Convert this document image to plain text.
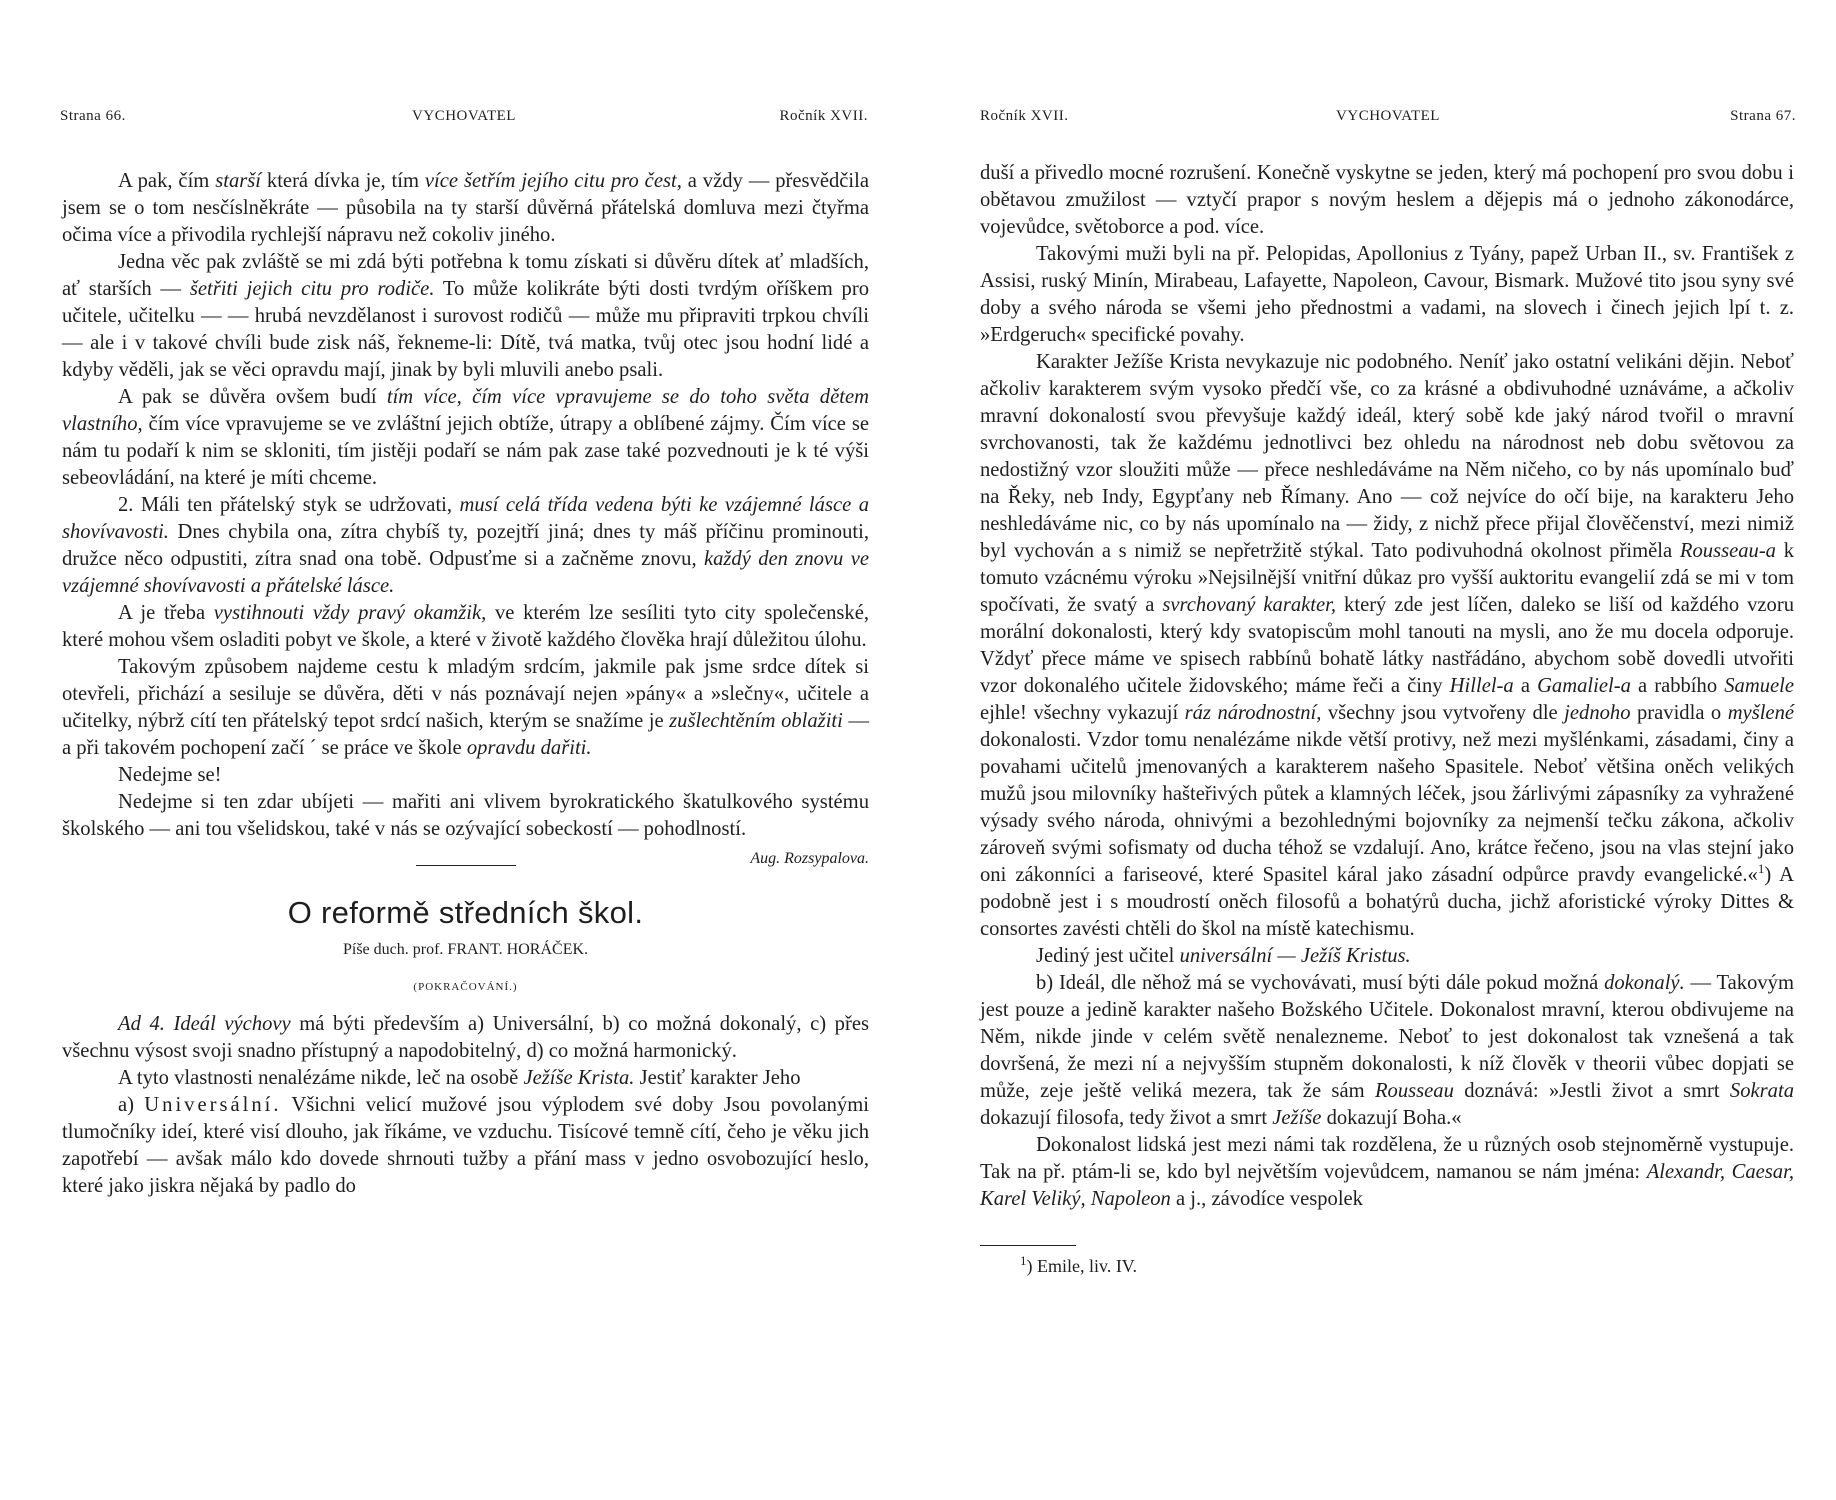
Strana 66.	VYCHOVATEL	Ročník XVII.

A pak, čím starší která dívka je, tím více šetřím jejího citu pro čest, a vždy — přesvědčila jsem se o tom nesčíslněkráte — působila na ty starší důvěrná přátelská domluva mezi čtyřma očima více a přivodila rychlejší nápravu než cokoliv jiného.

Jedna věc pak zvláště se mi zdá býti potřebna k tomu získati si důvěru dítek ať mladších, ať starších — šetřiti jejich citu pro rodiče. To může kolikráte býti dosti tvrdým oříškem pro učitele, učitelku — — hrubá nevzdělanost i surovost rodičů — může mu připraviti trpkou chvíli — ale i v takové chvíli bude zisk náš, řekneme-li: Dítě, tvá matka, tvůj otec jsou hodní lidé a kdyby věděli, jak se věci opravdu mají, jinak by byli mluvili anebo psali.

A pak se důvěra ovšem budí tím více, čím více vpravujeme se do toho světa dětem vlastního, čím více vpravujeme se ve zvláštní jejich obtíže, útrapy a oblíbené zájmy. Čím více se nám tu podaří k nim se skloniti, tím jistěji podaří se nám pak zase také pozvednouti je k té výši sebeovládání, na které je míti chceme.

2. Máli ten přátelský styk se udržovati, musí celá třída vedena býti ke vzájemné lásce a shovívavosti. Dnes chybila ona, zítra chybíš ty, pozejtří jiná; dnes ty máš příčinu prominouti, družce něco odpustiti, zítra snad ona tobě. Odpusťme si a začněme znovu, každý den znovu ve vzájemné shovívavosti a přátelské lásce.

A je třeba vystihnouti vždy pravý okamžik, ve kterém lze sesíliti tyto city společenské, které mohou všem osladiti pobyt ve škole, a které v životě každého člověka hrají důležitou úlohu.

Takovým způsobem najdeme cestu k mladým srdcím, jakmile pak jsme srdce dítek si otevřeli, přichází a sesiluje se důvěra, děti v nás poznávají nejen »pány« a »slečny«, učitele a učitelky, nýbrž cítí ten přátelský tepot srdcí našich, kterým se snažíme je zušlechtěním oblažiti — a při takovém pochopení začí ´ se práce ve škole opravdu dařiti.

Nedejme se!

Nedejme si ten zdar ubíjeti — mařiti ani vlivem byrokratického škatulkového systému školského — ani tou všelidskou, také v nás se ozývající sobeckostí — pohodlností.
Aug. Rozsypalova.

O reformě středních škol.
Píše duch. prof. FRANT. HORÁČEK.
(POKRAČOVÁNÍ.)

Ad 4. Ideál výchovy má býti především a) Universální, b) co možná dokonalý, c) přes všechnu výsost svoji snadno přístupný a napodobitelný, d) co možná harmonický.

A tyto vlastnosti nenalézáme nikde, leč na osobě Ježíše Krista. Jestiť karakter Jeho

a) Universální. Všichni velicí mužové jsou výplodem své doby Jsou povolanými tlumočníky ideí, které visí dlouho, jak říkáme, ve vzduchu. Tisícové temně cítí, čeho je věku jich zapotřebí — avšak málo kdo dovede shrnouti tužby a přání mass v jedno osvobozující heslo, které jako jiskra nějaká by padlo do

Ročník XVII.	VYCHOVATEL	Strana 67.

duší a přivedlo mocné rozrušení. Konečně vyskytne se jeden, který má pochopení pro svou dobu i obětavou zmužilost — vztyčí prapor s novým heslem a dějepis má o jednoho zákonodárce, vojevůdce, světoborce a pod. více.

Takovými muži byli na př. Pelopidas, Apollonius z Tyány, papež Urban II., sv. František z Assisi, ruský Minín, Mirabeau, Lafayette, Napoleon, Cavour, Bismark. Mužové tito jsou syny své doby a svého národa se všemi jeho přednostmi a vadami, na slovech i činech jejich lpí t. z. »Erdgeruch« specifické povahy.

Karakter Ježíše Krista nevykazuje nic podobného. Neníť jako ostatní velikáni dějin. Neboť ačkoliv karakterem svým vysoko předčí vše, co za krásné a obdivuhodné uznáváme, a ačkoliv mravní dokonalostí svou převyšuje každý ideál, který sobě kde jaký národ tvořil o mravní svrchovanosti, tak že každému jednotlivci bez ohledu na národnost neb dobu světovou za nedostižný vzor sloužiti může — přece neshledáváme na Něm ničeho, co by nás upomínalo buď na Řeky, neb Indy, Egypťany neb Římany. Ano — což nejvíce do očí bije, na karakteru Jeho neshledáváme nic, co by nás upomínalo na — židy, z nichž přece přijal člověčenství, mezi nimiž byl vychován a s nimiž se nepřetržitě stýkal. Tato podivuhodná okolnost přiměla Rousseau-a k tomuto vzácnému výroku »Nejsilnější vnitřní důkaz pro vyšší auktoritu evangelií zdá se mi v tom spočívati, že svatý a svrchovaný karakter, který zde jest líčen, daleko se liší od každého vzoru morální dokonalosti, který kdy svatopiscům mohl tanouti na mysli, ano že mu docela odporuje. Vždyť přece máme ve spisech rabbínů bohatě látky nastřádáno, abychom sobě dovedli utvořiti vzor dokonalého učitele židovského; máme řeči a činy Hillel-a a Gamaliel-a a rabbího Samuele ejhle! všechny vykazují ráz národnostní, všechny jsou vytvořeny dle jednoho pravidla o myšlené dokonalosti. Vzdor tomu nenalézáme nikde větší protivy, než mezi myšlénkami, zásadami, činy a povahami učitelů jmenovaných a karakterem našeho Spasitele. Neboť většina oněch velikých mužů jsou milovníky hašteřivých půtek a klamných léček, jsou žárlivými zápasníky za vyhražené výsady svého národa, ohnivými a bezohlednými bojovníky za nejmenší tečku zákona, ačkoliv zároveň svými sofismaty od ducha téhož se vzdalují. Ano, krátce řečeno, jsou na vlas stejní jako oni zákonníci a fariseové, které Spasitel káral jako zásadní odpůrce pravdy evangelické.«$^1$) A podobně jest i s moudrostí oněch filosofů a bohatýrů ducha, jichž aforistické výroky Dittes & consortes zavésti chtěli do škol na místě katechismu.

Jediný jest učitel universální — Ježíš Kristus.

b) Ideál, dle něhož má se vychovávati, musí býti dále pokud možná dokonalý. — Takovým jest pouze a jedině karakter našeho Božského Učitele. Dokonalost mravní, kterou obdivujeme na Něm, nikde jinde v celém světě nenalezneme. Neboť to jest dokonalost tak vznešená a tak dovršená, že mezi ní a nejvyšším stupněm dokonalosti, k níž člověk v theorii vůbec dopjati se může, zeje ještě veliká mezera, tak že sám Rousseau doznává: »Jestli život a smrt Sokrata dokazují filosofa, tedy život a smrt Ježíše dokazují Boha.«

Dokonalost lidská jest mezi námi tak rozdělena, že u různých osob stejnoměrně vystupuje. Tak na př. ptám-li se, kdo byl největším vojevůdcem, namanou se nám jména: Alexandr, Caesar, Karel Veliký, Napoleon a j., závodíce vespolek

$^1$) Emile, liv. IV.
